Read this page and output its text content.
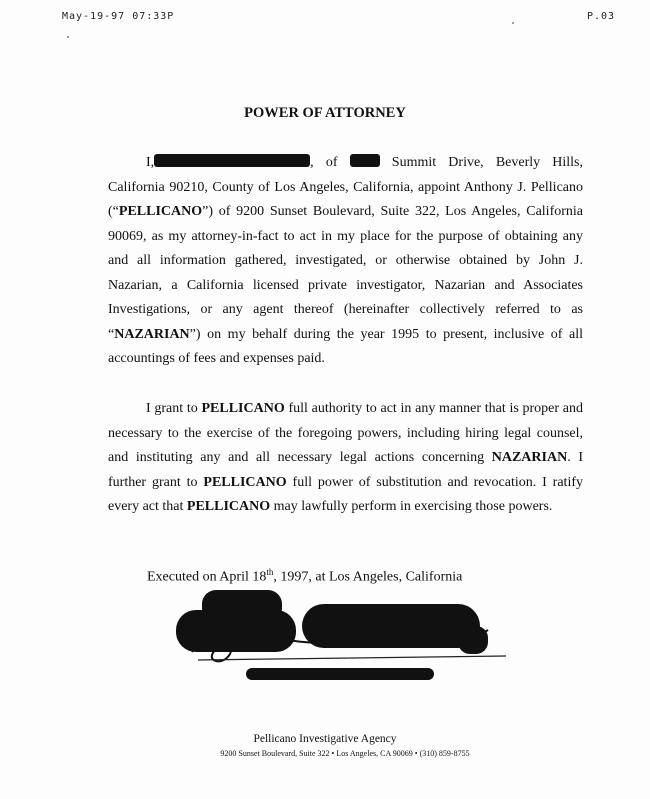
May-19-97 07:33P	P.03
POWER OF ATTORNEY
I,	, of	Summit Drive, Beverly Hills, California 90210, County of Los Angeles, California, appoint Anthony J. Pellicano (“PELLICANO”) of 9200 Sunset Boulevard, Suite 322, Los Angeles, California 90069, as my attorney-in-fact to act in my place for the purpose of obtaining any and all information gathered, investigated, or otherwise obtained by John J. Nazarian, a California licensed private investigator, Nazarian and Associates Investigations, or any agent thereof (hereinafter collectively referred to as “NAZARIAN”) on my behalf during the year 1995 to present, inclusive of all accountings of fees and expenses paid.
I grant to PELLICANO full authority to act in any manner that is proper and necessary to the exercise of the foregoing powers, including hiring legal counsel, and instituting any and all necessary legal actions concerning NAZARIAN. I further grant to PELLICANO full power of substitution and revocation. I ratify every act that PELLICANO may lawfully perform in exercising those powers.
Executed on April 18th, 1997, at Los Angeles, California
Pellicano Investigative Agency
9200 Sunset Boulevard, Suite 322 • Los Angeles, CA 90069 • (310) 859-8755
